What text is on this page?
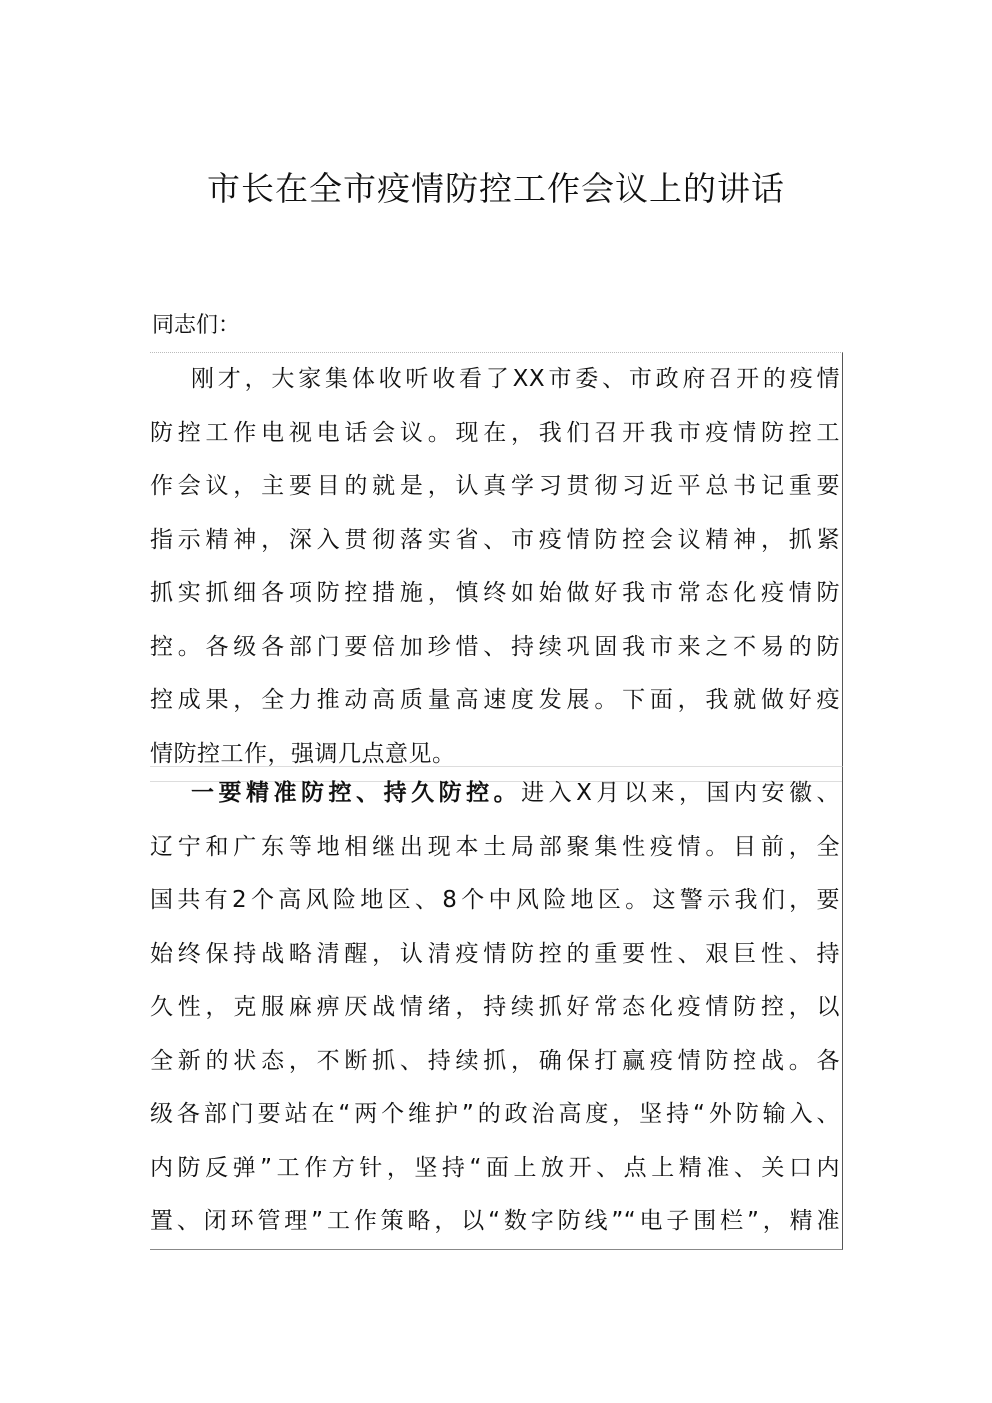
市长在全市疫情防控工作会议上的讲话
同志们：
刚才，大家集体收听收看了XX市委、市政府召开的疫情
防控工作电视电话会议。现在，我们召开我市疫情防控工
作会议，主要目的就是，认真学习贯彻习近平总书记重要
指示精神，深入贯彻落实省、市疫情防控会议精神，抓紧
抓实抓细各项防控措施，慎终如始做好我市常态化疫情防
控。各级各部门要倍加珍惜、持续巩固我市来之不易的防
控成果，全力推动高质量高速度发展。下面，我就做好疫
情防控工作，强调几点意见。
一要精准防控、持久防控。进入X月以来，国内安徽、
辽宁和广东等地相继出现本土局部聚集性疫情。目前，全
国共有2个高风险地区、8个中风险地区。这警示我们，要
始终保持战略清醒，认清疫情防控的重要性、艰巨性、持
久性，克服麻痹厌战情绪，持续抓好常态化疫情防控，以
全新的状态，不断抓、持续抓，确保打赢疫情防控战。各
级各部门要站在“两个维护”的政治高度，坚持“外防输入、
内防反弹”工作方针，坚持“面上放开、点上精准、关口内
置、闭环管理”工作策略，以“数字防线”“电子围栏”，精准
